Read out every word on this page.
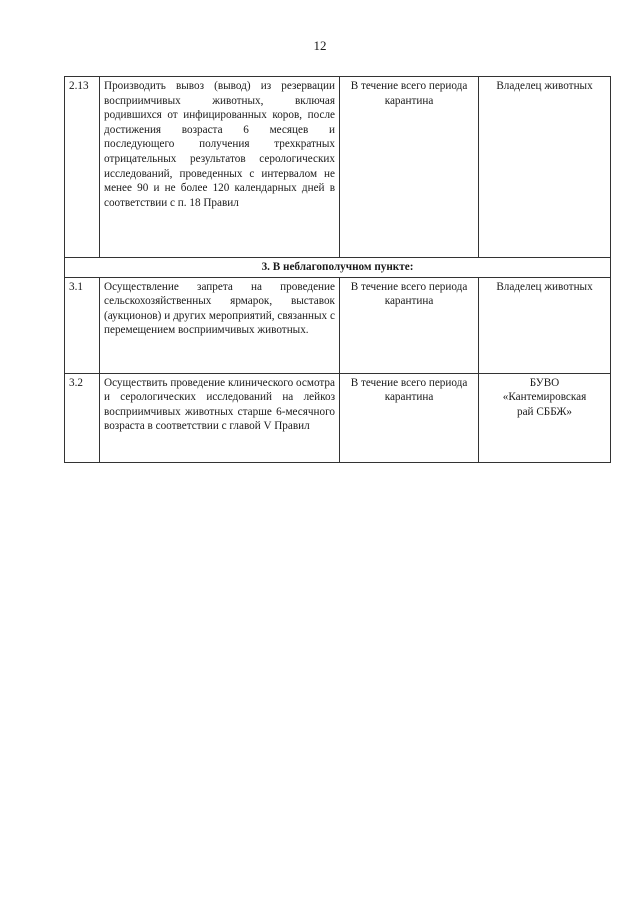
12
2.13	Производить вывоз (вывод) из резервации восприимчивых животных, включая родившихся от инфицированных коров, после достижения возраста 6 месяцев и последующего получения трехкратных отрицательных результатов серологических исследований, проведенных с интервалом не менее 90 и не более 120 календарных дней в соответствии с п. 18 Правил	В течение всего периода карантина	Владелец животных
3. В неблагополучном пункте:			
3.1	Осуществление запрета на проведение сельскохозяйственных ярмарок, выставок (аукционов) и других мероприятий, связанных с перемещением восприимчивых животных.	В течение всего периода карантина	Владелец животных
3.2	Осуществить проведение клинического осмотра и серологических исследований на лейкоз восприимчивых животных старше 6-месячного возраста в соответствии с главой V Правил	В течение всего периода карантина	БУВО
«Кантемировская
рай СББЖ»
